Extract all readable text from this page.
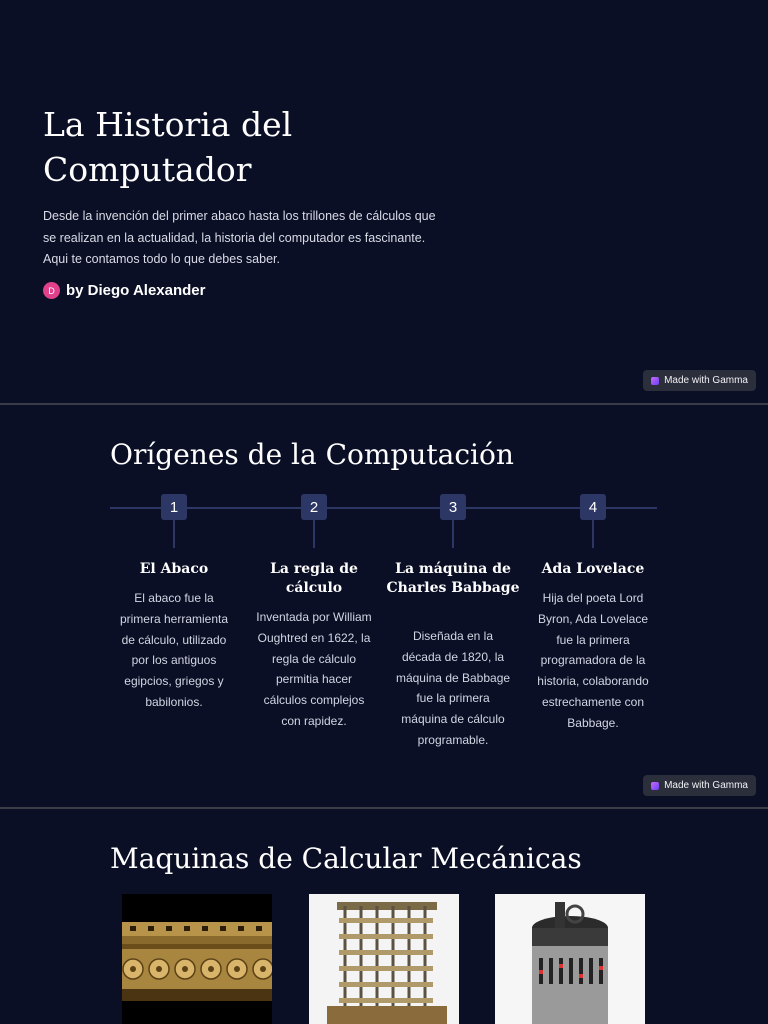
La Historia del Computador

Desde la invención del primer abaco hasta los trillones de cálculos que se realizan en la actualidad, la historia del computador es fascinante. Aqui te contamos todo lo que debes saber.

D by Diego Alexander
Made with Gamma
Orígenes de la Computación
1
El Abaco

El abaco fue la primera herramienta de cálculo, utilizado por los antiguos egipcios, griegos y babilonios.

2
La regla de cálculo

Inventada por William Oughtred en 1622, la regla de cálculo permitia hacer cálculos complejos con rapidez.

3
La máquina de Charles Babbage

Diseñada en la década de 1820, la máquina de Babbage fue la primera máquina de cálculo programable.

4
Ada Lovelace

Hija del poeta Lord Byron, Ada Lovelace fue la primera programadora de la historia, colaborando estrechamente con Babbage.

Made with Gamma
Maquinas de Calcular Mecánicas
